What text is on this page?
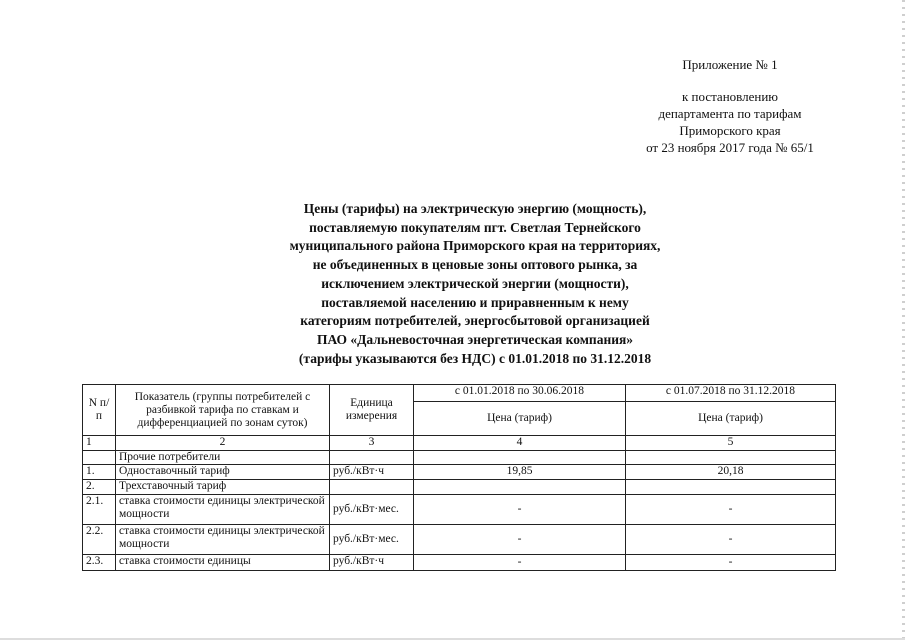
Приложение № 1
к постановлению
департамента по тарифам
Приморского края
от 23 ноября 2017 года № 65/1
Цены (тарифы) на электрическую энергию (мощность),
поставляемую покупателям пгт. Светлая Тернейского
муниципального района Приморского края на территориях,
не объединенных в ценовые зоны оптового рынка, за
исключением электрической энергии (мощности),
поставляемой населению и приравненным к нему
категориям потребителей, энергосбытовой организацией
ПАО «Дальневосточная энергетическая компания»
(тарифы указываются без НДС) с 01.01.2018 по 31.12.2018
N п/п	Показатель (группы потребителей с разбивкой тарифа по ставкам и дифференциацией по зонам суток)	Единица измерения	с 01.01.2018 по 30.06.2018	с 01.07.2018 по 31.12.2018
			Цена (тариф)	Цена (тариф)
1	2	3	4	5
	Прочие потребители			
1.	Одноставочный тариф	руб./кВт·ч	19,85	20,18
2.	Трехставочный тариф			
2.1.	ставка стоимости единицы электрической мощности	руб./кВт·мес.	-	-
2.2.	ставка стоимости единицы электрической мощности	руб./кВт·мес.	-	-
2.3.	ставка стоимости единицы	руб./кВт·ч	-	-
